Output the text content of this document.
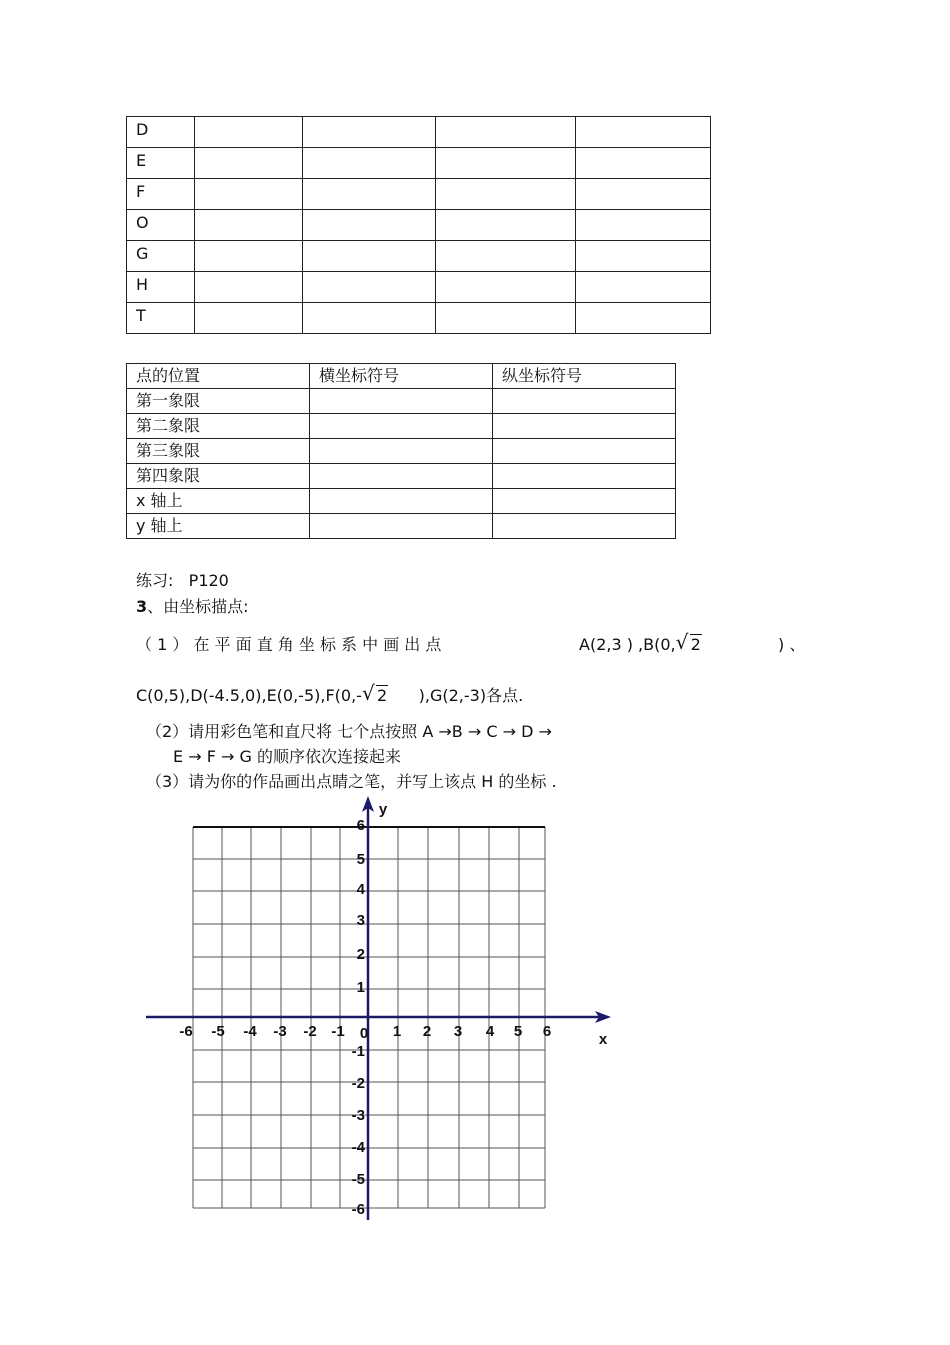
D				
E				
F				
O				
G				
H				
T				
点的位置	横坐标符号	纵坐标符号
第一象限		
第二象限		
第三象限		
第四象限		
x 轴上		
y 轴上		
练习: P120
3、由坐标描点:
（ 1 ） 在 平 面 直 角 坐 标 系 中 画 出 点	A(2,3 ) ,B(0, √ 2	) 、
C(0,5),D(-4.5,0),E(0,-5),F(0,- √ 2 ),G(2,-3)各点.
（2）请用彩色笔和直尺将 七个点按照 A →B → C → D →
E → F → G 的顺序依次连接起来
（3）请为你的作品画出点睛之笔，并写上该点 H 的坐标 .
-6 -5 -4 -3 -2 -1	1 2 3 4 5 6
6
5
4
3
2
1
-1
-2
-3
-4
-5
-6
0	x
y
